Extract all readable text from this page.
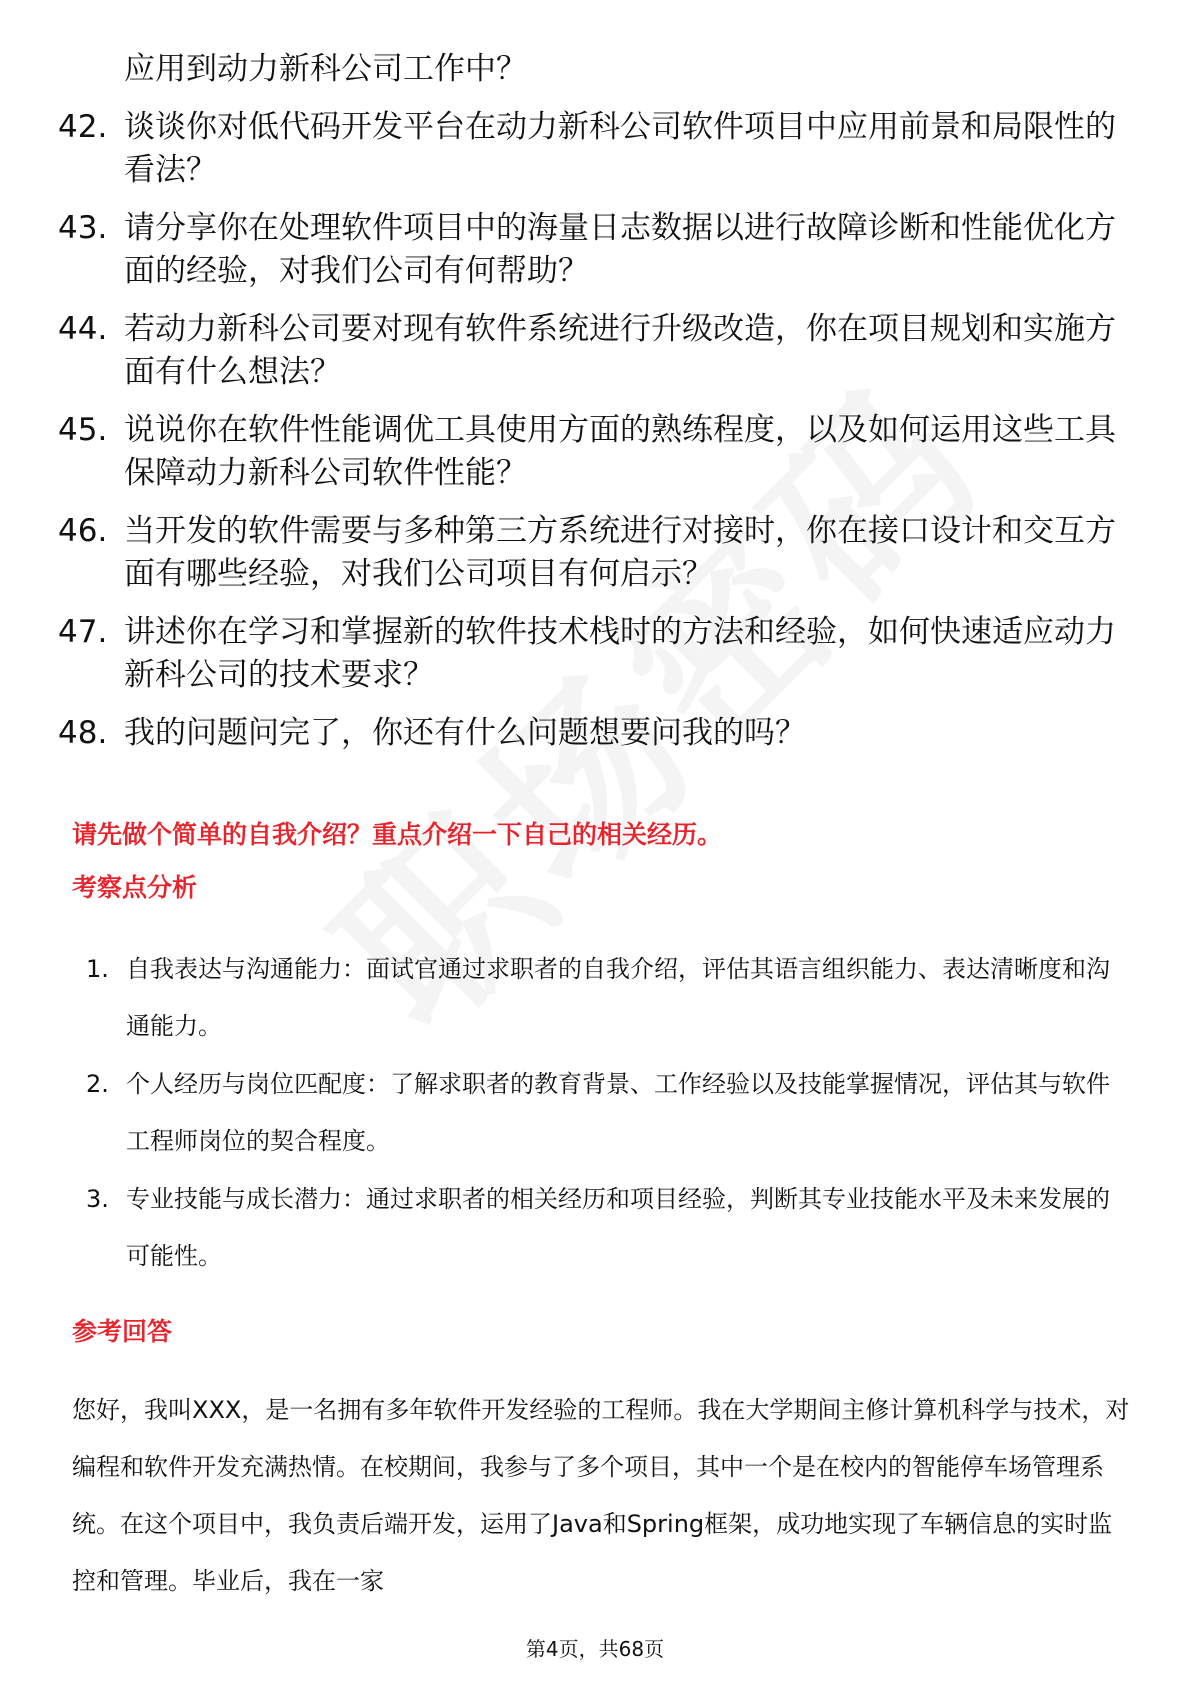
应用到动力新科公司工作中？
42. 谈谈你对低代码开发平台在动力新科公司软件项目中应用前景和局限性的看法？
43. 请分享你在处理软件项目中的海量日志数据以进行故障诊断和性能优化方面的经验，对我们公司有何帮助？
44. 若动力新科公司要对现有软件系统进行升级改造，你在项目规划和实施方面有什么想法？
45. 说说你在软件性能调优工具使用方面的熟练程度，以及如何运用这些工具保障动力新科公司软件性能？
46. 当开发的软件需要与多种第三方系统进行对接时，你在接口设计和交互方面有哪些经验，对我们公司项目有何启示？
47. 讲述你在学习和掌握新的软件技术栈时的方法和经验，如何快速适应动力新科公司的技术要求？
48. 我的问题问完了，你还有什么问题想要问我的吗？
请先做个简单的自我介绍？重点介绍一下自己的相关经历。
考察点分析
1. 自我表达与沟通能力：面试官通过求职者的自我介绍，评估其语言组织能力、表达清晰度和沟通能力。
2. 个人经历与岗位匹配度：了解求职者的教育背景、工作经验以及技能掌握情况，评估其与软件工程师岗位的契合程度。
3. 专业技能与成长潜力：通过求职者的相关经历和项目经验，判断其专业技能水平及未来发展的可能性。
参考回答
您好，我叫XXX，是一名拥有多年软件开发经验的工程师。我在大学期间主修计算机科学与技术，对编程和软件开发充满热情。在校期间，我参与了多个项目，其中一个是在校内的智能停车场管理系统。在这个项目中，我负责后端开发，运用了Java和Spring框架，成功地实现了车辆信息的实时监控和管理。毕业后，我在一家
第4页，共68页
